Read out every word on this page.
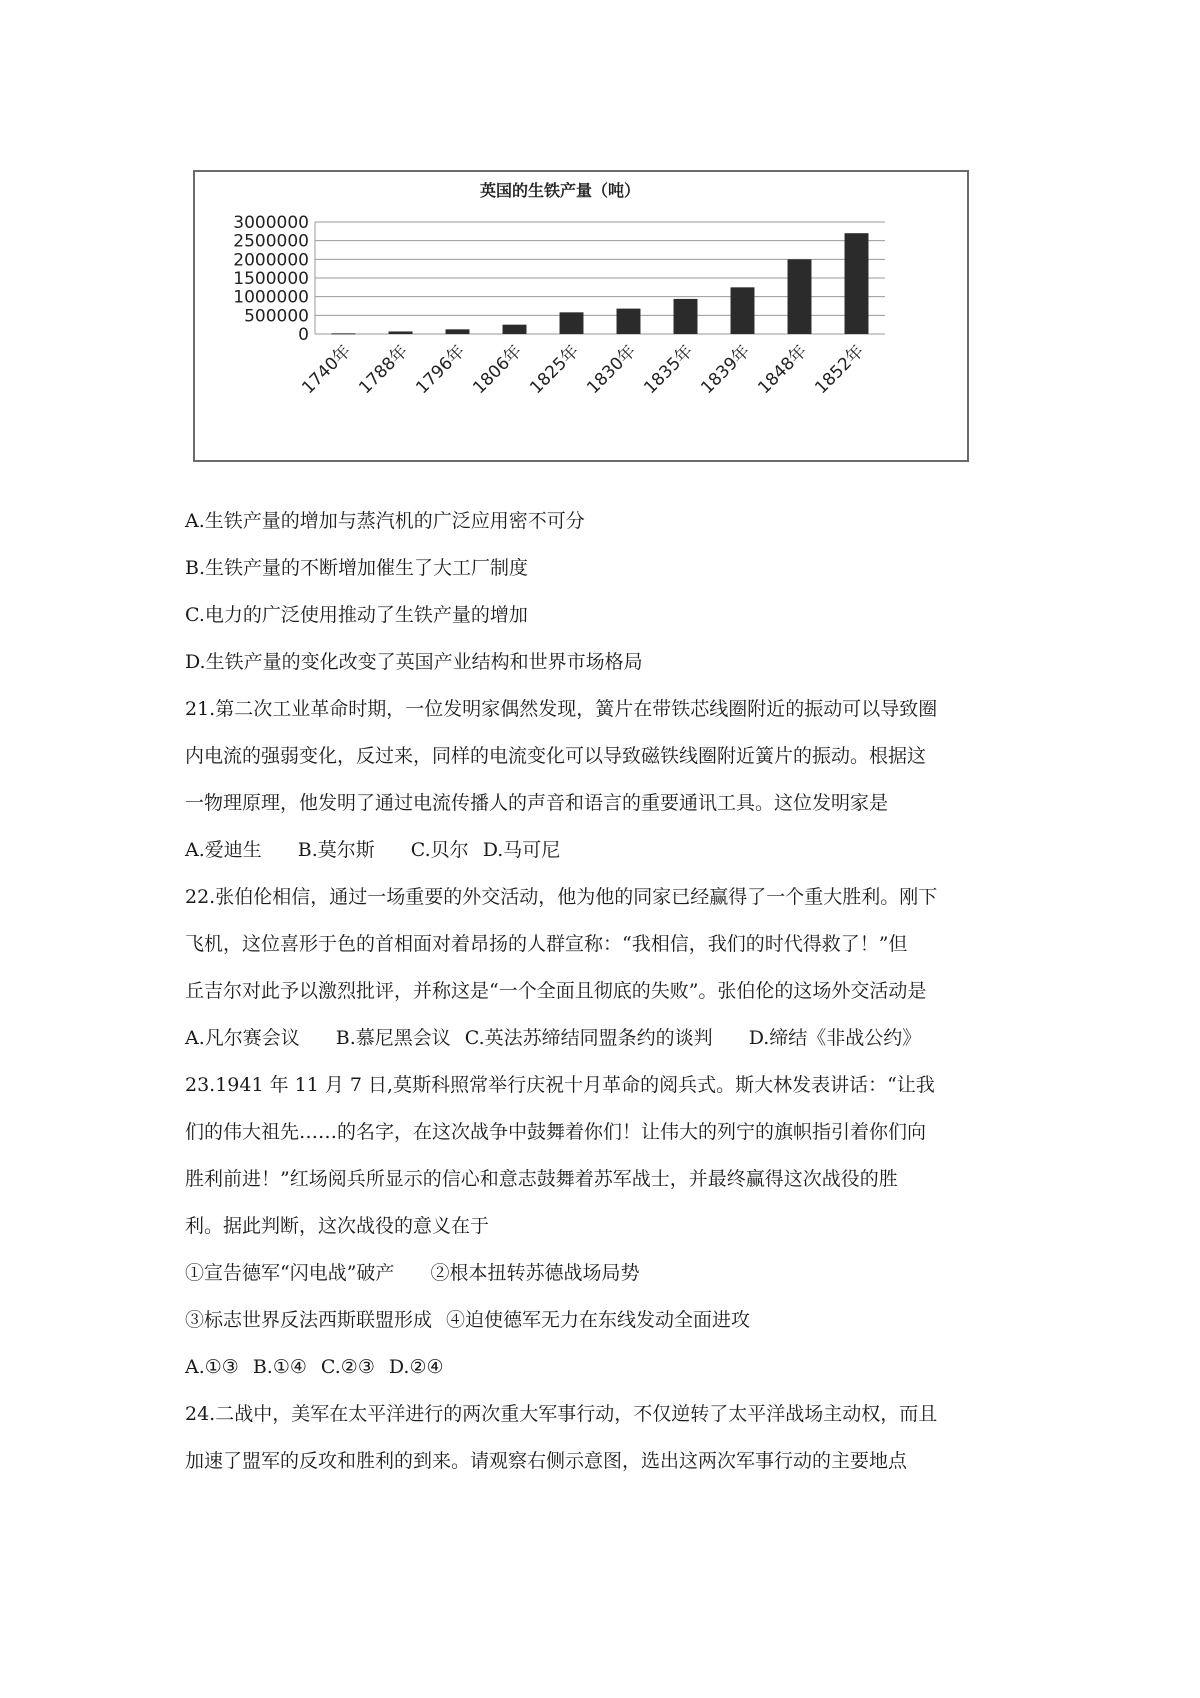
英国的生铁产量（吨）
3000000
2500000
2000000
1500000
1000000
500000
0
1740年 1788年 1796年 1806年 1825年 1830年 1835年 1839年 1848年 1852年
A.生铁产量的增加与蒸汽机的广泛应用密不可分
B.生铁产量的不断增加催生了大工厂制度
C.电力的广泛使用推动了生铁产量的增加
D.生铁产量的变化改变了英国产业结构和世界市场格局
21.第二次工业革命时期，一位发明家偶然发现，簧片在带铁芯线圈附近的振动可以导致圈
内电流的强弱变化，反过来，同样的电流变化可以导致磁铁线圈附近簧片的振动。根据这
一物理原理，他发明了通过电流传播人的声音和语言的重要通讯工具。这位发明家是
A.爱迪生 B.莫尔斯 C.贝尔 D.马可尼
22.张伯伦相信，通过一场重要的外交活动，他为他的同家已经赢得了一个重大胜利。刚下
飞机，这位喜形于色的首相面对着昂扬的人群宣称：“我相信，我们的时代得救了！”但
丘吉尔对此予以激烈批评，并称这是“一个全面且彻底的失败”。张伯伦的这场外交活动是
A.凡尔赛会议 B.慕尼黑会议 C.英法苏缔结同盟条约的谈判 D.缔结《非战公约》
23.1941 年 11 月 7 日,莫斯科照常举行庆祝十月革命的阅兵式。斯大林发表讲话：“让我
们的伟大祖先……的名字，在这次战争中鼓舞着你们！让伟大的列宁的旗帜指引着你们向
胜利前进！”红场阅兵所显示的信心和意志鼓舞着苏军战士，并最终赢得这次战役的胜
利。据此判断，这次战役的意义在于
①宣告德军“闪电战”破产 ②根本扭转苏德战场局势
③标志世界反法西斯联盟形成 ④迫使德军无力在东线发动全面进攻
A.①③ B.①④ C.②③ D.②④
24.二战中，美军在太平洋进行的两次重大军事行动，不仅逆转了太平洋战场主动权，而且
加速了盟军的反攻和胜利的到来。请观察右侧示意图，选出这两次军事行动的主要地点
